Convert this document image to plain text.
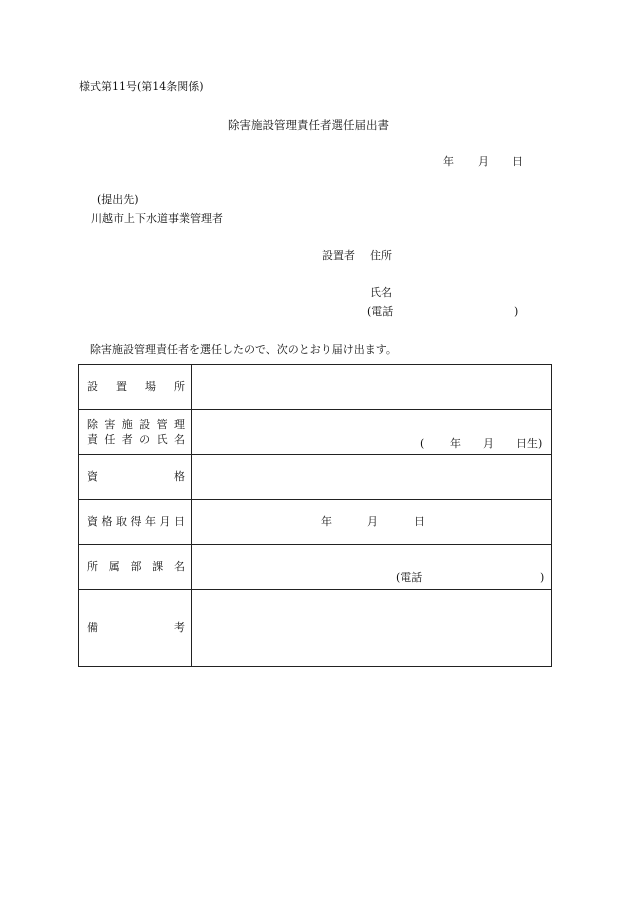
様式第11号(第14条関係)
除害施設管理責任者選任届出書
年 月 日
(提出先)
川越市上下水道事業管理者
設置者 住所
氏名
(電話	)
除害施設管理責任者を選任したので、次のとおり届け出ます。
設 置 場 所
除 害 施 設 管 理
責 任 者 の 氏 名	( 年 月 日生)
資	格
資 格 取 得 年 月 日	年	月	日
所 属 部 課 名
(電話	)
備	考
